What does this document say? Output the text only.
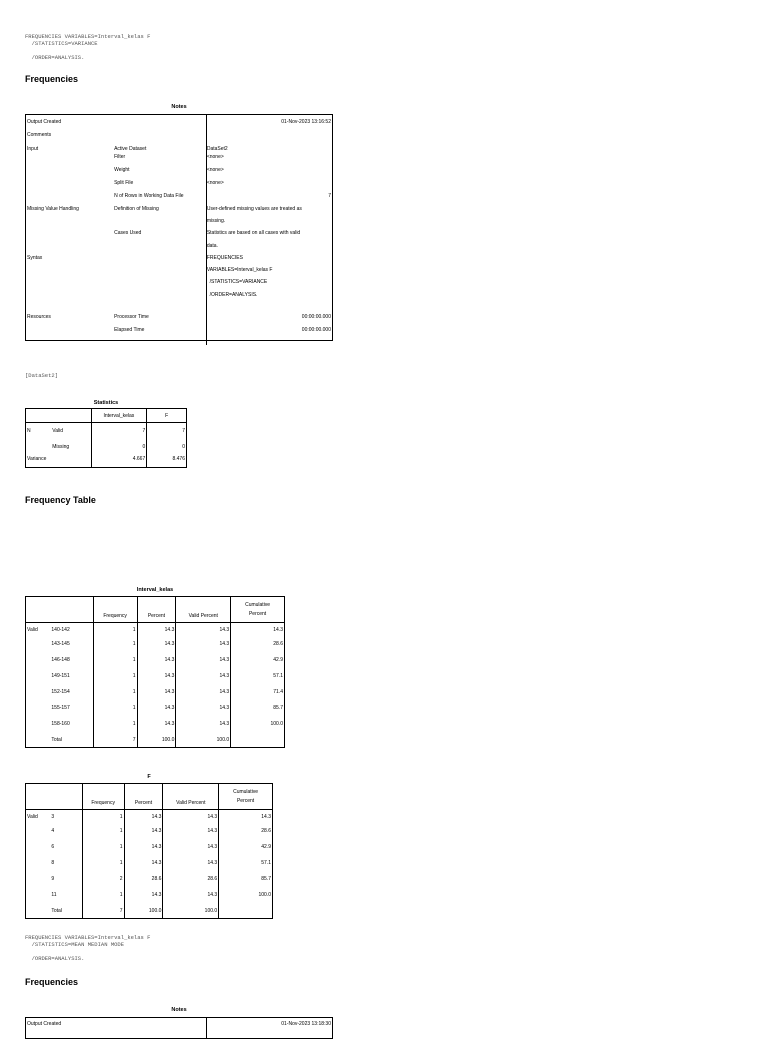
FREQUENCIES VARIABLES=Interval_kelas F
/STATISTICS=VARIANCE

/ORDER=ANALYSIS.
Frequencies
Notes
Output Created		01-Nov-2023 13:16:52
Comments		
Input	Active Dataset	DataSet2
	Filter	<none>
	Weight	<none>
	Split File	<none>
	N of Rows in Working Data File	7
Missing Value Handling	Definition of Missing	User-defined missing values are treated as
		missing.
	Cases Used	Statistics are based on all cases with valid
		data.
Syntax		FREQUENCIES
		VARIABLES=Interval_kelas F
		/STATISTICS=VARIANCE
		/ORDER=ANALYSIS.
Resources	Processor Time	00:00:00.000
	Elapsed Time	00:00:00.000
[DataSet2]
Statistics
		Interval_kelas	F
N	Valid	7	7
	Missing	0	0
Variance		4.667	8.476
Frequency Table
Interval_kelas
		Frequency	Percent	Valid Percent	Cumulative
Percent
Valid	140-142	1	14.3	14.3	14.3
	143-145	1	14.3	14.3	28.6
	146-148	1	14.3	14.3	42.9
	149-151	1	14.3	14.3	57.1
	152-154	1	14.3	14.3	71.4
	155-157	1	14.3	14.3	85.7
	158-160	1	14.3	14.3	100.0
	Total	7	100.0	100.0	
F
		Frequency	Percent	Valid Percent	Cumulative
Percent
Valid	3	1	14.3	14.3	14.3
	4	1	14.3	14.3	28.6
	6	1	14.3	14.3	42.9
	8	1	14.3	14.3	57.1
	9	2	28.6	28.6	85.7
	11	1	14.3	14.3	100.0
	Total	7	100.0	100.0	
FREQUENCIES VARIABLES=Interval_kelas F
/STATISTICS=MEAN MEDIAN MODE

/ORDER=ANALYSIS.
Frequencies
Notes
Output Created	01-Nov-2023 13:18:30
